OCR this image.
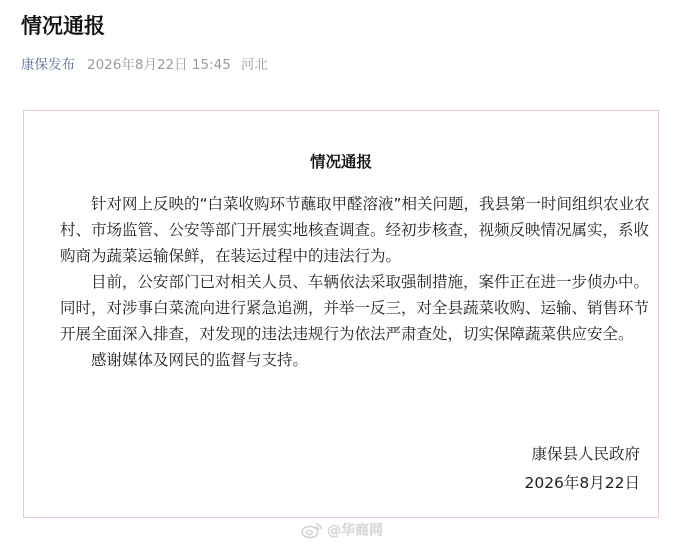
情况通报
康保发布 2026年8月22日 15:45 河北
情况通报

针对网上反映的“白菜收购环节蘸取甲醛溶液”相关问题，我县第一时间组织农业农村、市场监管、公安等部门开展实地核查调查。经初步核查，视频反映情况属实，系收购商为蔬菜运输保鲜，在装运过程中的违法行为。

目前，公安部门已对相关人员、车辆依法采取强制措施，案件正在进一步侦办中。同时，对涉事白菜流向进行紧急追溯，并举一反三，对全县蔬菜收购、运输、销售环节开展全面深入排查，对发现的违法违规行为依法严肃查处，切实保障蔬菜供应安全。

感谢媒体及网民的监督与支持。

康保县人民政府
2026年8月22日
@华商网
